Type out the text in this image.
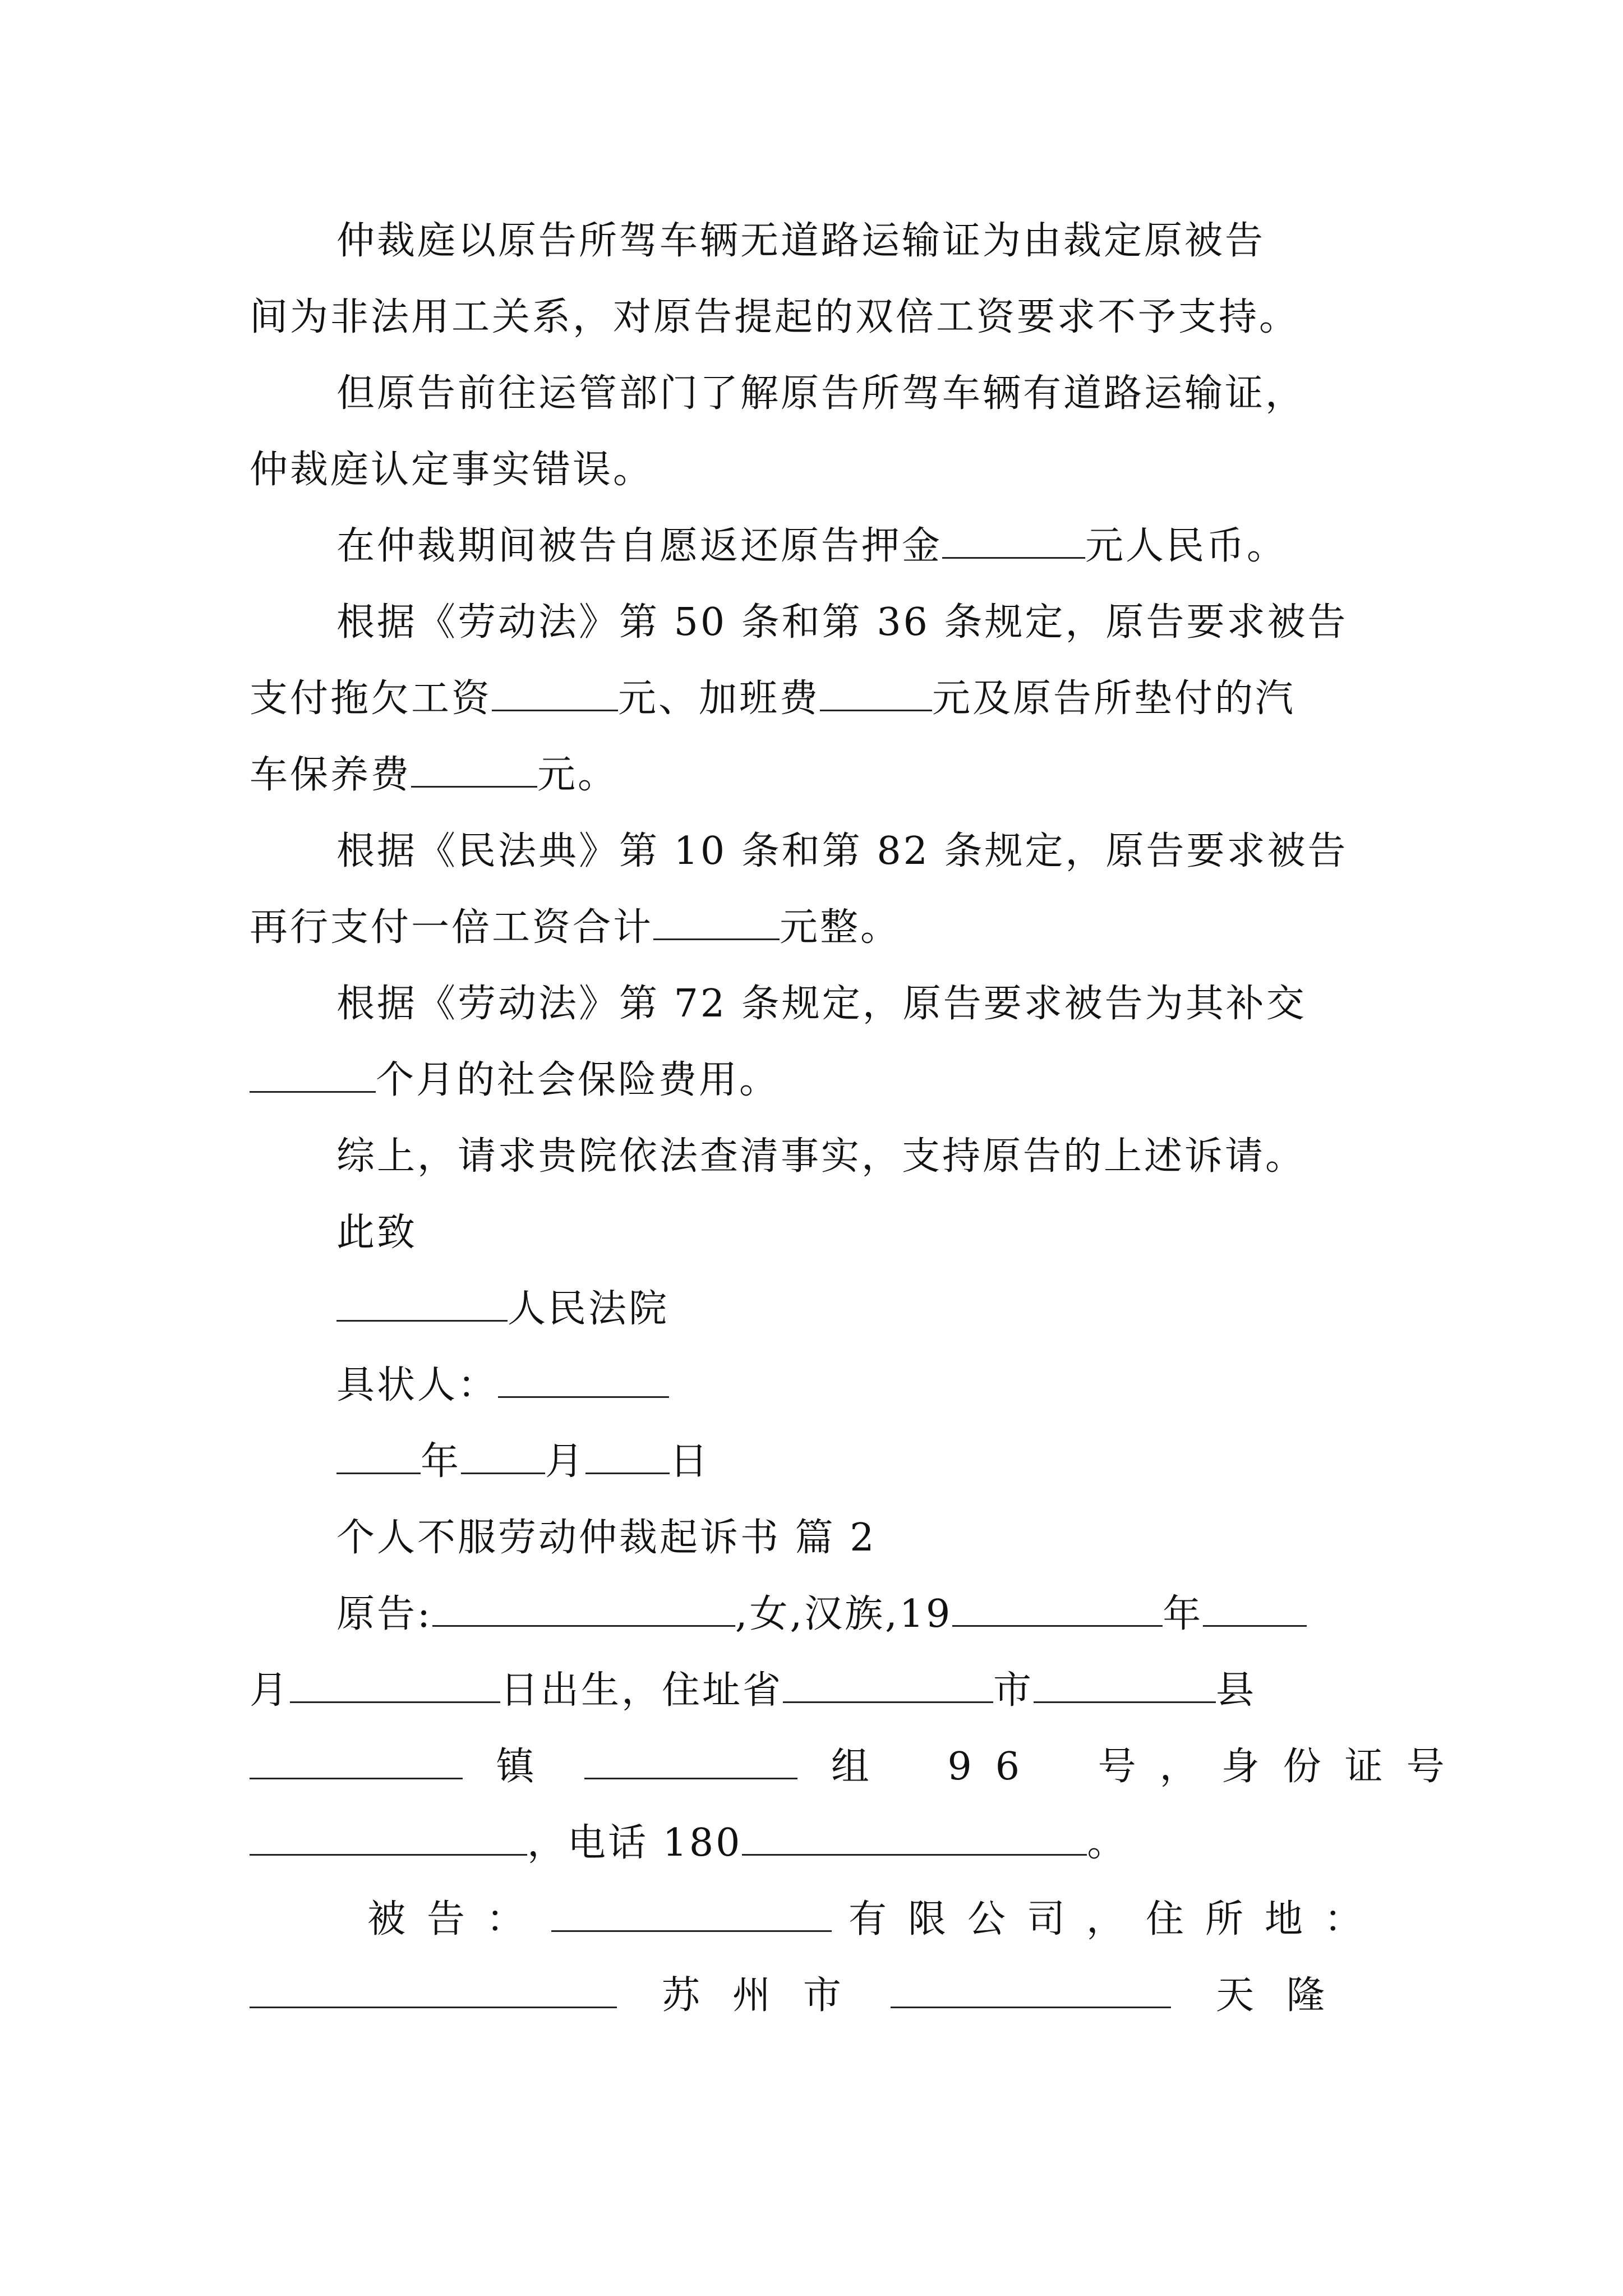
仲裁庭以原告所驾车辆无道路运输证为由裁定原被告
间为非法用工关系，对原告提起的双倍工资要求不予支持。
但原告前往运管部门了解原告所驾车辆有道路运输证，
仲裁庭认定事实错误。
在仲裁期间被告自愿返还原告押金	元人民币。
根据《劳动法》第 50 条和第 36 条规定，原告要求被告
支付拖欠工资	元、加班费	元及原告所垫付的汽
车保养费	元。
根据《民法典》第 10 条和第 82 条规定，原告要求被告
再行支付一倍工资合计	元整。
根据《劳动法》第 72 条规定，原告要求被告为其补交
个月的社会保险费用。
综上，请求贵院依法查清事实，支持原告的上述诉请。
此致
人民法院
具状人：
年 月 日
个人不服劳动仲裁起诉书 篇 2
原告:	,女,汉族,19	年
月	日出生，住址省	市	县
镇	组 96 号，身份证号
，电话 180	。
被告：	有限公司，住所地：
苏州市	天隆
